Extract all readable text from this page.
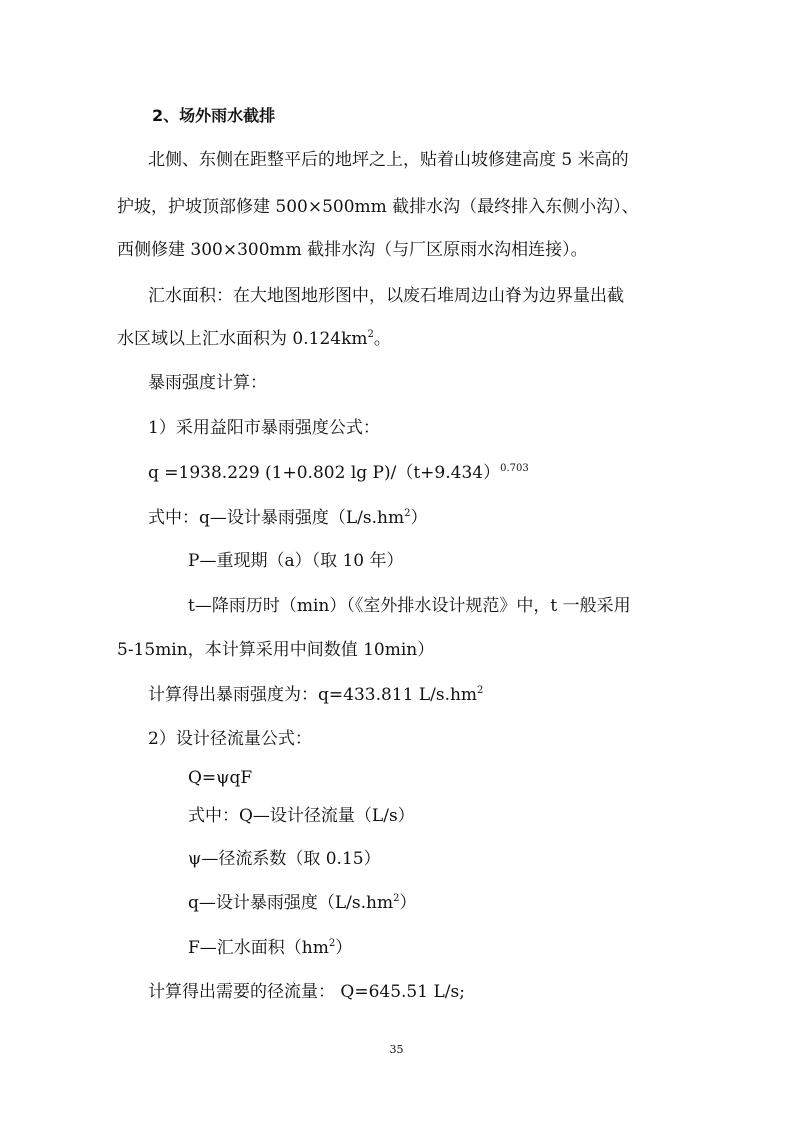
2、场外雨水截排
北侧、东侧在距整平后的地坪之上，贴着山坡修建高度 5 米高的
护坡，护坡顶部修建 500×500mm 截排水沟（最终排入东侧小沟）、
西侧修建 300×300mm 截排水沟（与厂区原雨水沟相连接）。
汇水面积：在大地图地形图中，以废石堆周边山脊为边界量出截
水区域以上汇水面积为 $0.124km^2$。
暴雨强度计算：
1）采用益阳市暴雨强度公式：
q =1938.229 (1+0.802 $\lg P)/(t+9.434)^{0.703}$
式中：q—设计暴雨强度$(L/s.hm^2)$
P—重现期（a）（取 10 年）
t—降雨历时（min）（《室外排水设计规范》中，t 一般采用
5-15min，本计算采用中间数值 10min）
计算得出暴雨强度为：q=433.811 $L/s.hm^2$
2）设计径流量公式：
Q=ψqF
式中：Q—设计径流量（L/s）
ψ—径流系数（取 0.15）
q—设计暴雨强度$(L/s.hm^2)$
F—汇水面积$(hm^2)$
计算得出需要的径流量： Q=645.51 L/s;
35
